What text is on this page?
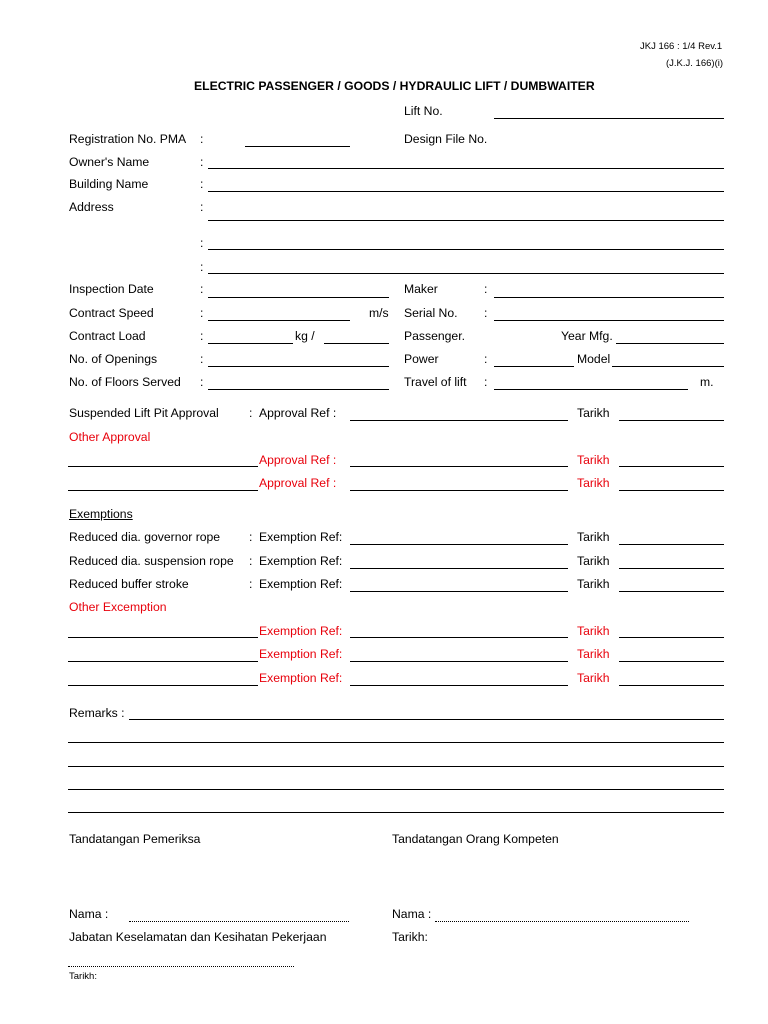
JKJ 166 : 1/4 Rev.1
(J.K.J. 166)(i)
ELECTRIC PASSENGER / GOODS / HYDRAULIC LIFT / DUMBWAITER
Lift No.
Registration No. PMA :	Design File No.
Owner's Name	:
Building Name	:
Address	:
:
:
Inspection Date	:	Maker	:
Contract Speed	:	m/s Serial No. :
Contract Load	:	kg /	Passenger.	Year Mfg.
No. of Openings	:	Power	:	Model
No. of Floors Served :	Travel of lift :	m.
Suspended Lift Pit Approval : Approval Ref :	Tarikh
Other Approval
Approval Ref :	Tarikh
Approval Ref :	Tarikh
Exemptions
Reduced dia. governor rope : Exemption Ref:	Tarikh
Reduced dia. suspension rope : Exemption Ref:	Tarikh
Reduced buffer stroke	: Exemption Ref:	Tarikh
Other Excemption
Exemption Ref:	Tarikh
Exemption Ref:	Tarikh
Exemption Ref:	Tarikh
Remarks :
Tandatangan Pemeriksa	Tandatangan Orang Kompeten
Nama :	Nama :
Jabatan Keselamatan dan Kesihatan Pekerjaan	Tarikh:
Tarikh:
